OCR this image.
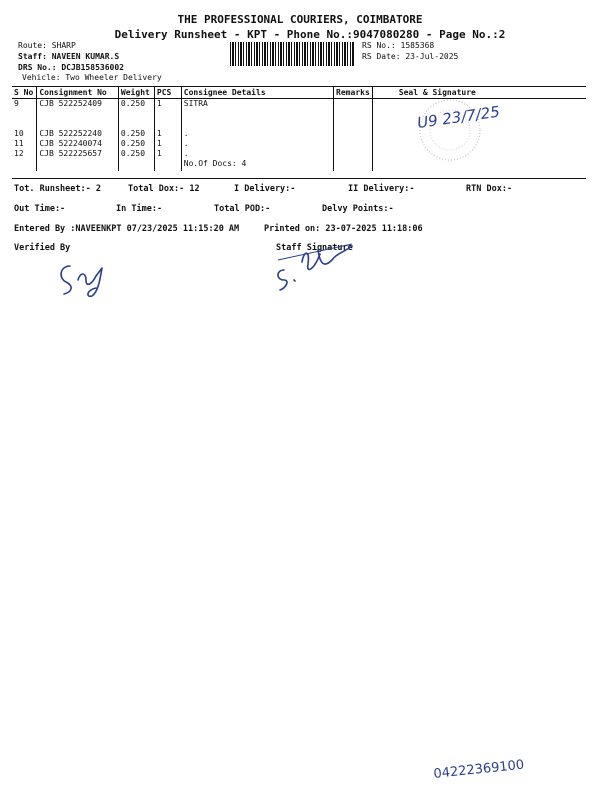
THE PROFESSIONAL COURIERS, COIMBATORE
Delivery Runsheet - KPT - Phone No.:9047080280 - Page No.:2
Route: SHARP
Staff: NAVEEN KUMAR.S
DRS No.: DCJB158536002
Vehicle: Two Wheeler Delivery
RS No.: 1585368
RS Date: 23-Jul-2025
S No	Consignment No	Weight	PCS	Consignee Details	Remarks	Seal & Signature
9	CJB 522252409	0.250	1	SITRA		
10	CJB 522252240	0.250	1	.		
11	CJB 522240074	0.250	1	.		
12	CJB 522225657	0.250	1	.		
				No.Of Docs: 4		
U9 23/7/25
Tot. Runsheet:- 2	Total Dox:- 12	I Delivery:-	II Delivery:-	RTN Dox:-
Out Time:-	In Time:-	Total POD:-	Delvy Points:-
Entered By :NAVEENKPT 07/23/2025 11:15:20 AM	Printed on: 23-07-2025 11:18:06
Verified By	Staff Signature
04222369100
